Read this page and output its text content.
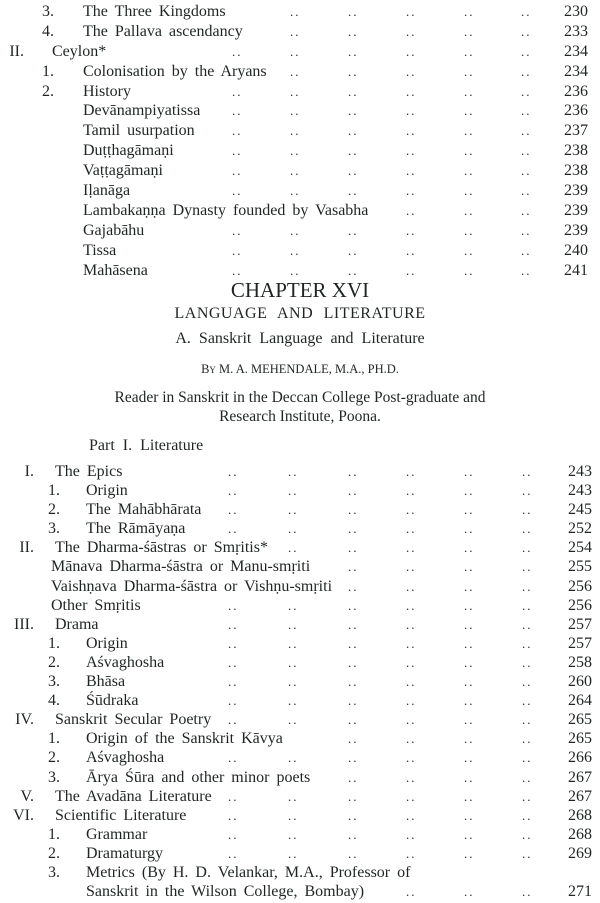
3. The Three Kingdoms	..	..	..	..	.. 230
4. The Pallava ascendancy	..	..	..	..	.. 233
II. Ceylon*	..	..	..	..	..	.. 234
1. Colonisation by the Aryans ..	..	..	..	.. 234
2. History	..	..	..	..	..	.. 236
Devānampiyatissa ..	..	..	..	..	.. 236
Tamil usurpation	..	..	..	..	..	.. 237
Duṭṭhagāmaṇi	..	..	..	..	..	.. 238
Vaṭṭagāmaṇi	..	..	..	..	..	.. 238
Iḷanāga	..	..	..	..	..	.. 239
Lambakaṇṇa Dynasty founded by Vasabha	..	..	.. 239
Gajabāhu	..	..	..	..	..	.. 239
Tissa	..	..	..	..	..	.. 240
Mahāsena	..	..	..	..	..	.. 241
CHAPTER XVI
LANGUAGE AND LITERATURE
A. Sanskrit Language and Literature
By M. A. MEHENDALE, M.A., PH.D.
Reader in Sanskrit in the Deccan College Post-graduate and
Research Institute, Poona.
Part I. Literature
I. The Epics	..	..	..	..	..	.. 243
1. Origin	..	..	..	..	..	.. 243
2. The Mahābhārata ..	..	..	..	..	.. 245
3. The Rāmāyaṇa	..	..	..	..	..	.. 252
II. The Dharma-śāstras or Smṛitis* ..	..	..	..	.. 254
Mānava Dharma-śāstra or Manu-smṛiti	..	..	..	.. 255
Vaishṇava Dharma-śāstra or Vishṇu-smṛiti ..	..	..	.. 256
Other Smṛitis	..	..	..	..	..	.. 256
III. Drama	..	..	..	..	..	.. 257
1. Origin	..	..	..	..	..	.. 257
2. Aśvaghosha	..	..	..	..	..	.. 258
3. Bhāsa	..	..	..	..	..	.. 260
4. Śūdraka	..	..	..	..	..	.. 264
IV. Sanskrit Secular Poetry ..	..	..	..	..	.. 265
1. Origin of the Sanskrit Kāvya	..	..	..	.. 265
2. Aśvaghosha	..	..	..	..	..	.. 266
3. Ārya Śūra and other minor poets	..	..	..	.. 267
V. The Avadāna Literature ..	..	..	..	..	.. 267
VI. Scientific Literature	..	..	..	..	..	.. 268
1. Grammar	..	..	..	..	..	.. 268
2. Dramaturgy	..	..	..	..	..	.. 269
3. Metrics (By H. D. Velankar, M.A., Professor of
Sanskrit in the Wilson College, Bombay)	..	..	.. 271
